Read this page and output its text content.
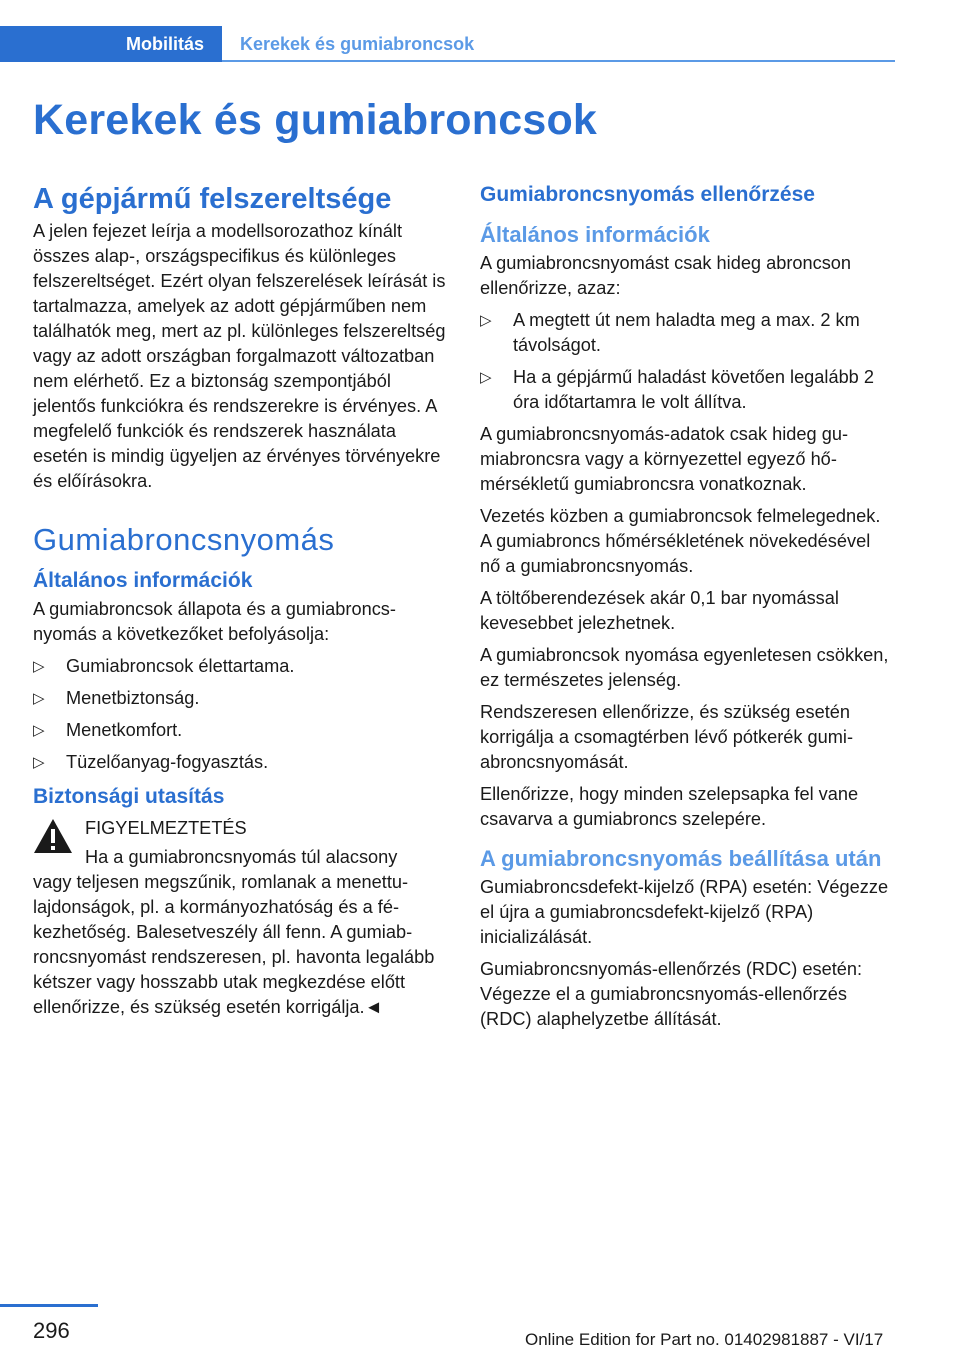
Mobilitás	Kerekek és gumiabroncsok
Kerekek és gumiabroncsok
A gépjármű felszereltsége

A jelen fejezet leírja a modellsorozathoz kínált összes alap-, országspecifikus és különleges felszereltséget. Ezért olyan felszerelések leírását is tartalmazza, amelyek az adott gépjárműben nem találhatók meg, mert az pl. különleges felszereltség vagy az adott országban forgalmazott változatban nem elérhető. Ez a biztonság szempontjából jelentős funkciókra és rendszerekre is érvényes. A megfelelő funkciók és rendszerek használata esetén is mindig ügyeljen az érvényes törvényekre és előírásokra.

Gumiabroncsnyomás
Általános információk

A gumiabroncsok állapota és a gumiabroncsnyomás a következőket befolyásolja:

▷ Gumiabroncsok élettartama.
▷ Menetbiztonság.
▷ Menetkomfort.
▷ Tüzelőanyag-fogyasztás.
Biztonsági utasítás
FIGYELMEZTETÉS

Ha a gumiabroncsnyomás túl alacsony

vagy teljesen megszűnik, romlanak a menettulajdonságok, pl. a kormányozhatóság és a fékezhetőség. Balesetveszély áll fenn. A gumiabroncsnyomást rendszeresen, pl. havonta legalább kétszer vagy hosszabb utak megkezdése előtt ellenőrizze, és szükség esetén korrigálja.◄

Gumiabroncsnyomás ellenőrzése
Általános információk

A gumiabroncsnyomást csak hideg abroncson ellenőrizze, azaz:

▷ A megtett út nem haladta meg a max. 2 km távolságot.
▷ Ha a gépjármű haladást követően legalább 2 óra időtartamra le volt állítva.

A gumiabroncsnyomás-adatok csak hideg gumiabroncsra vagy a környezettel egyező hőmérsékletű gumiabroncsra vonatkoznak.

Vezetés közben a gumiabroncsok felmelegednek. A gumiabroncs hőmérsékletének növekedésével nő a gumiabroncsnyomás.

A töltőberendezések akár 0,1 bar nyomással kevesebbet jelezhetnek.

A gumiabroncsok nyomása egyenletesen csökken, ez természetes jelenség.

Rendszeresen ellenőrizze, és szükség esetén korrigálja a csomagtérben lévő pótkerék gumiabroncsnyomását.

Ellenőrizze, hogy minden szelepsapka fel vane csavarva a gumiabroncs szelepére.

A gumiabroncsnyomás beállítása után

Gumiabroncsdefekt-kijelző (RPA) esetén: Végezze el újra a gumiabroncsdefekt-kijelző (RPA) inicializálását.

Gumiabroncsnyomás-ellenőrzés (RDC) esetén: Végezze el a gumiabroncsnyomás-ellenőrzés (RDC) alaphelyzetbe állítását.

296	Online Edition for Part no. 01402981887 - VI/17
